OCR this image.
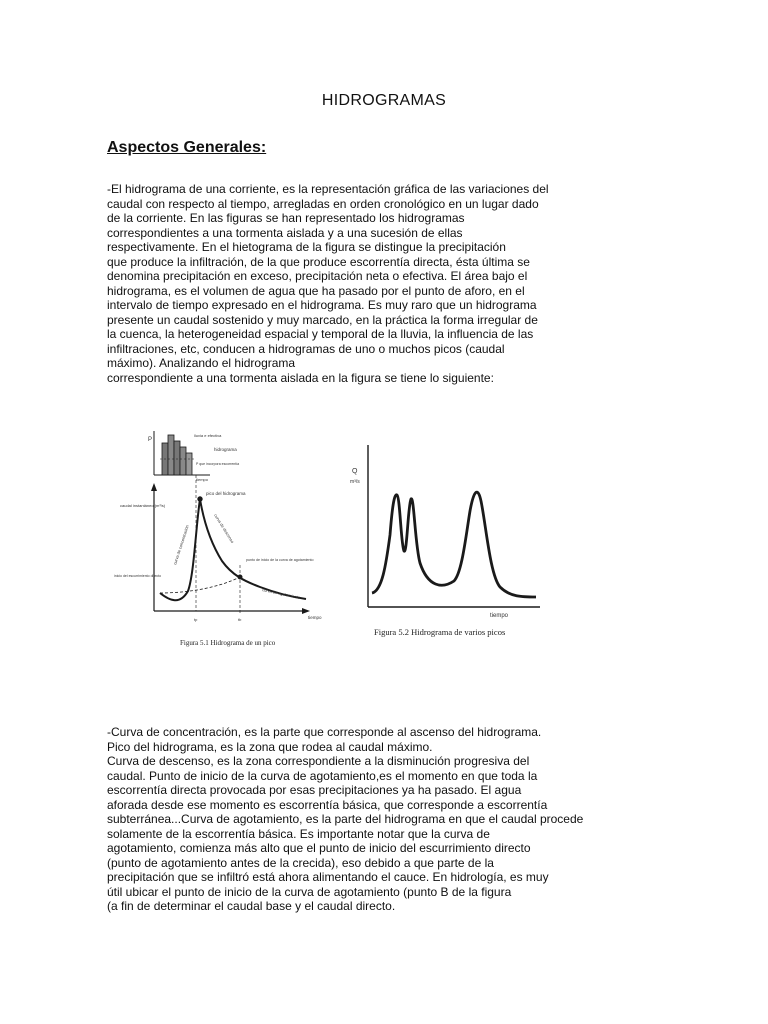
HIDROGRAMAS
Aspectos Generales:

-El hidrograma de una corriente, es la representación gráfica de las variaciones del
caudal con respecto al tiempo, arregladas en orden cronológico en un lugar dado
de la corriente. En las figuras se han representado los hidrogramas
correspondientes a una tormenta aislada y a una sucesión de ellas
respectivamente. En el hietograma de la figura se distingue la precipitación
que produce la infiltración, de la que produce escorrentía directa, ésta última se
denomina precipitación en exceso, precipitación neta o efectiva. El área bajo el
hidrograma, es el volumen de agua que ha pasado por el punto de aforo, en el
intervalo de tiempo expresado en el hidrograma. Es muy raro que un hidrograma
presente un caudal sostenido y muy marcado, en la práctica la forma irregular de
la cuenca, la heterogeneidad espacial y temporal de la lluvia, la influencia de las
infiltraciones, etc, conducen a hidrogramas de uno o muchos picos (caudal
máximo). Analizando el hidrograma
correspondiente a una tormenta aislada en la figura se tiene lo siguiente:

P
lluvia e efectiva
hidrograma
P que incorpora escorrentía
tiempo
caudal instantáneo (m³/s)
pico del hidrograma
curva de concentración	curva de descenso
punto de inicio de la curva de agotamiento
curva de agotamiento
inicio del escurrimiento directo
tp	tb	tiempo
Figura 5.1 Hidrograma de un pico
Q
m³/s
tiempo
Figura 5.2 Hidrograma de varios picos

-Curva de concentración, es la parte que corresponde al ascenso del hidrograma.
Pico del hidrograma, es la zona que rodea al caudal máximo.
Curva de descenso, es la zona correspondiente a la disminución progresiva del
caudal. Punto de inicio de la curva de agotamiento,es el momento en que toda la
escorrentía directa provocada por esas precipitaciones ya ha pasado. El agua
aforada desde ese momento es escorrentía básica, que corresponde a escorrentía
subterránea...Curva de agotamiento, es la parte del hidrograma en que el caudal procede
solamente de la escorrentía básica. Es importante notar que la curva de
agotamiento, comienza más alto que el punto de inicio del escurrimiento directo
(punto de agotamiento antes de la crecida), eso debido a que parte de la
precipitación que se infiltró está ahora alimentando el cauce. En hidrología, es muy
útil ubicar el punto de inicio de la curva de agotamiento (punto B de la figura
(a fin de determinar el caudal base y el caudal directo.
